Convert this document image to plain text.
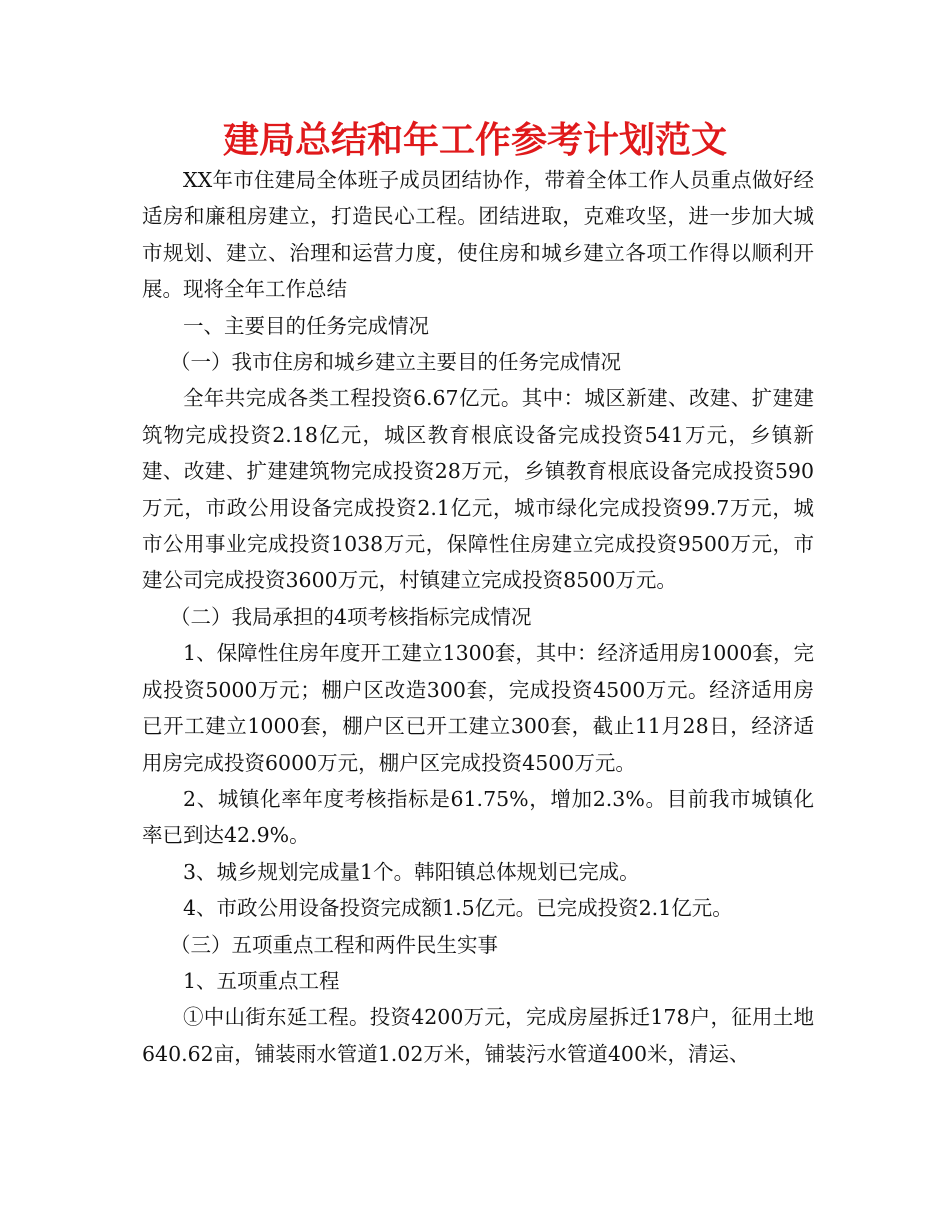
建局总结和年工作参考计划范文

XX年市住建局全体班子成员团结协作，带着全体工作人员重点做好经适房和廉租房建立，打造民心工程。团结进取，克难攻坚，进一步加大城市规划、建立、治理和运营力度，使住房和城乡建立各项工作得以顺利开展。现将全年工作总结

一、主要目的任务完成情况

（一）我市住房和城乡建立主要目的任务完成情况

全年共完成各类工程投资6.67亿元。其中：城区新建、改建、扩建建筑物完成投资2.18亿元，城区教育根底设备完成投资541万元，乡镇新建、改建、扩建建筑物完成投资28万元，乡镇教育根底设备完成投资590万元，市政公用设备完成投资2.1亿元，城市绿化完成投资99.7万元，城市公用事业完成投资1038万元，保障性住房建立完成投资9500万元，市建公司完成投资3600万元，村镇建立完成投资8500万元。

（二）我局承担的4项考核指标完成情况

1、保障性住房年度开工建立1300套，其中：经济适用房1000套，完成投资5000万元；棚户区改造300套，完成投资4500万元。经济适用房已开工建立1000套，棚户区已开工建立300套，截止11月28日，经济适用房完成投资6000万元，棚户区完成投资4500万元。

2、城镇化率年度考核指标是61.75%，增加2.3%。目前我市城镇化率已到达42.9%。

3、城乡规划完成量1个。韩阳镇总体规划已完成。

4、市政公用设备投资完成额1.5亿元。已完成投资2.1亿元。

（三）五项重点工程和两件民生实事

1、五项重点工程

①中山街东延工程。投资4200万元，完成房屋拆迁178户，征用土地640.62亩，铺装雨水管道1.02万米，铺装污水管道400米，清运、
